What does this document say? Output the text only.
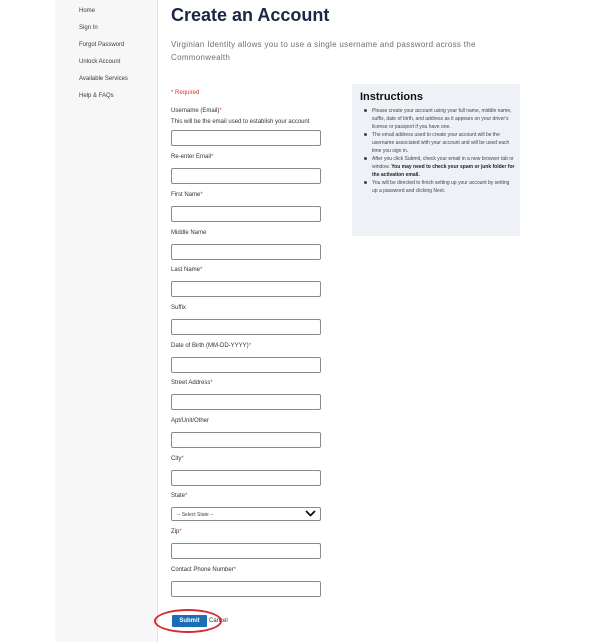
Home
Sign In
Forgot Password
Unlock Account
Available Services
Help & FAQs
Create an Account

Virginian Identity allows you to use a single username and password across the Commonwealth

* Required
Username (Email)*
This will be the email used to establish your account
Re-enter Email*
First Name*
Middle Name
Last Name*
Suffix
Date of Birth (MM-DD-YYYY)*
Street Address*
Apt/Unit/Other
City*
State*
-- Select State --
Zip*
Contact Phone Number*
Cancel
Submit
Instructions
Please create your account using your full name, middle name, suffix, date of birth, and address as it appears on your driver's license or passport if you have one.
The email address used to create your account will be the username associated with your account and will be used each time you sign in.
After you click Submit, check your email in a new browser tab or window. You may need to check your spam or junk folder for the activation email.
You will be directed to finish setting up your account by setting up a password and clicking Next.
